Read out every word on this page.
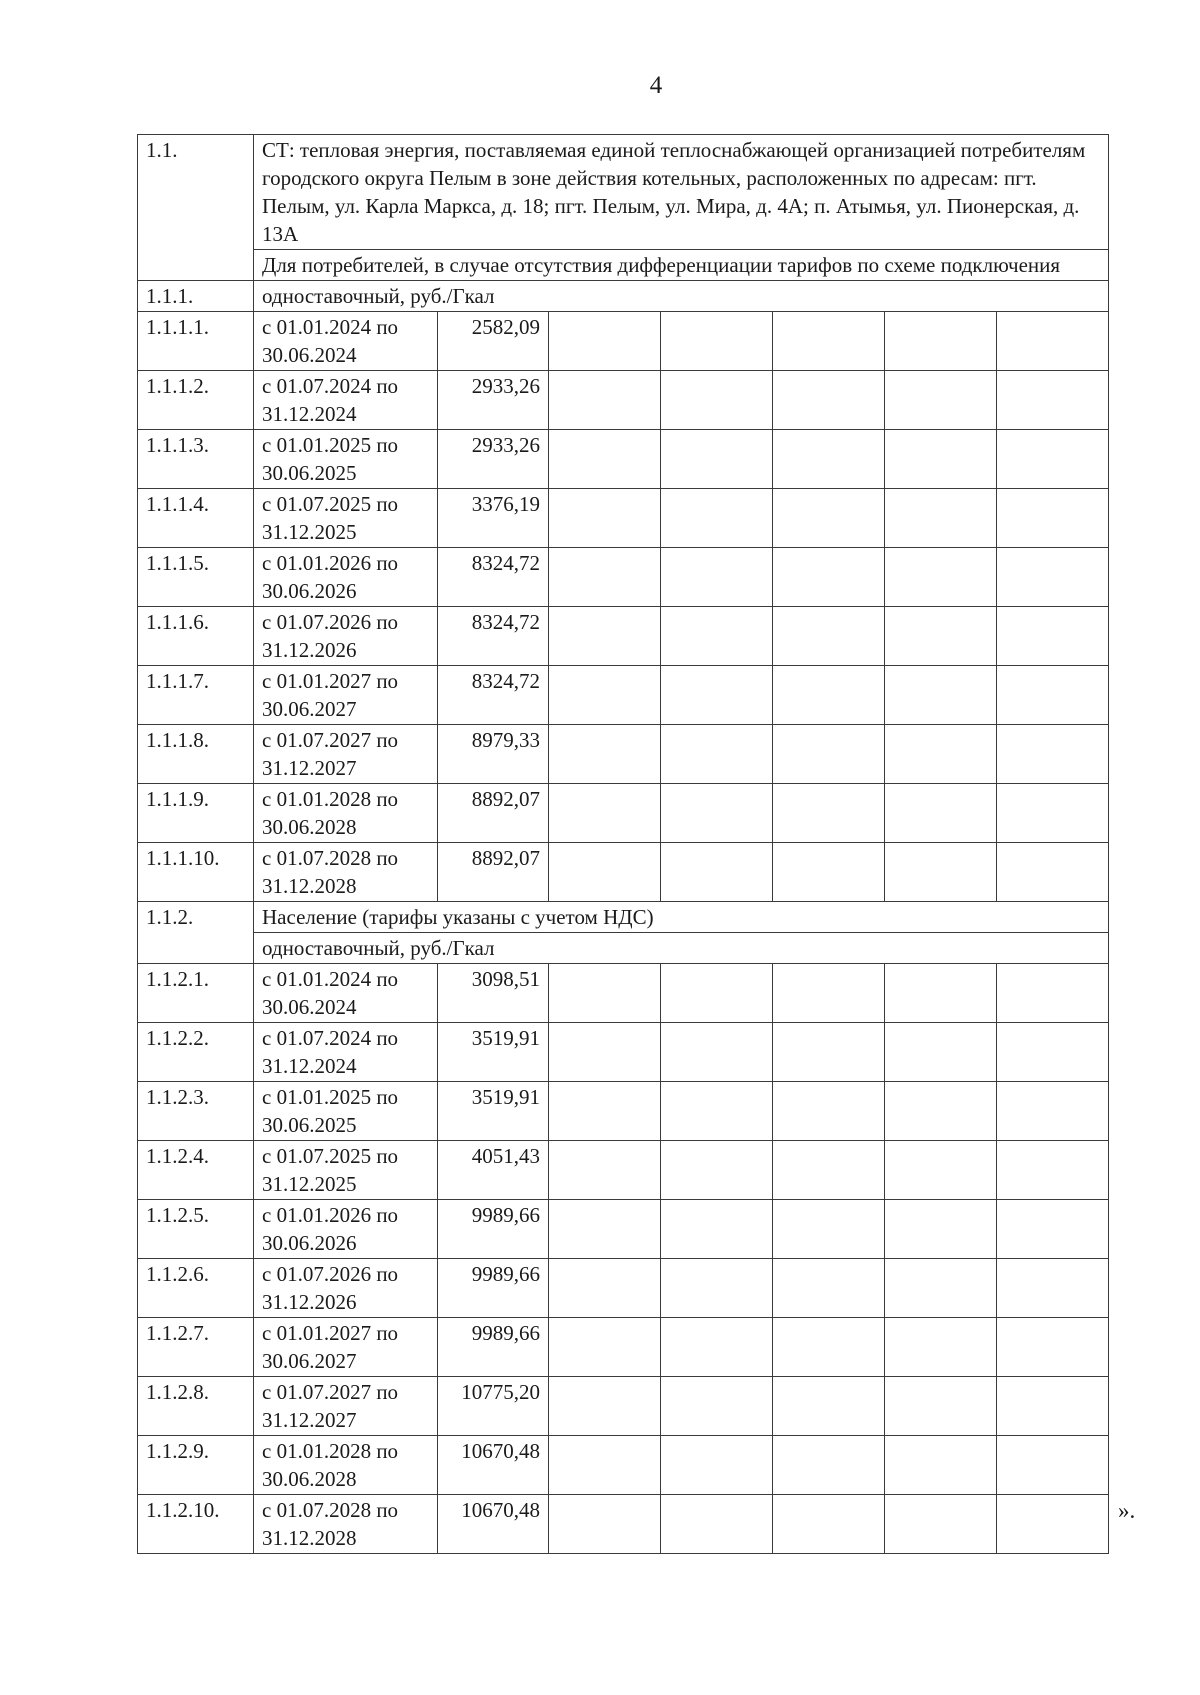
4
1.1.	СТ: тепловая энергия, поставляемая единой теплоснабжающей организацией потребителям городского округа Пелым в зоне действия котельных, расположенных по адресам: пгт. Пелым, ул. Карла Маркса, д. 18; пгт. Пелым, ул. Мира, д. 4А; п. Атымья, ул. Пионерская, д. 13А						
	Для потребителей, в случае отсутствия дифференциации тарифов по схеме подключения						
1.1.1.	одноставочный, руб./Гкал						
1.1.1.1.	с 01.01.2024 по 30.06.2024	2582,09					
1.1.1.2.	с 01.07.2024 по 31.12.2024	2933,26					
1.1.1.3.	с 01.01.2025 по 30.06.2025	2933,26					
1.1.1.4.	с 01.07.2025 по 31.12.2025	3376,19					
1.1.1.5.	с 01.01.2026 по 30.06.2026	8324,72					
1.1.1.6.	с 01.07.2026 по 31.12.2026	8324,72					
1.1.1.7.	с 01.01.2027 по 30.06.2027	8324,72					
1.1.1.8.	с 01.07.2027 по 31.12.2027	8979,33					
1.1.1.9.	с 01.01.2028 по 30.06.2028	8892,07					
1.1.1.10.	с 01.07.2028 по 31.12.2028	8892,07					
1.1.2.	Население (тарифы указаны с учетом НДС)						
	одноставочный, руб./Гкал						
1.1.2.1.	с 01.01.2024 по 30.06.2024	3098,51					
1.1.2.2.	с 01.07.2024 по 31.12.2024	3519,91					
1.1.2.3.	с 01.01.2025 по 30.06.2025	3519,91					
1.1.2.4.	с 01.07.2025 по 31.12.2025	4051,43					
1.1.2.5.	с 01.01.2026 по 30.06.2026	9989,66					
1.1.2.6.	с 01.07.2026 по 31.12.2026	9989,66					
1.1.2.7.	с 01.01.2027 по 30.06.2027	9989,66					
1.1.2.8.	с 01.07.2027 по 31.12.2027	10775,20					
1.1.2.9.	с 01.01.2028 по 30.06.2028	10670,48					
1.1.2.10.	с 01.07.2028 по 31.12.2028	10670,48						».
